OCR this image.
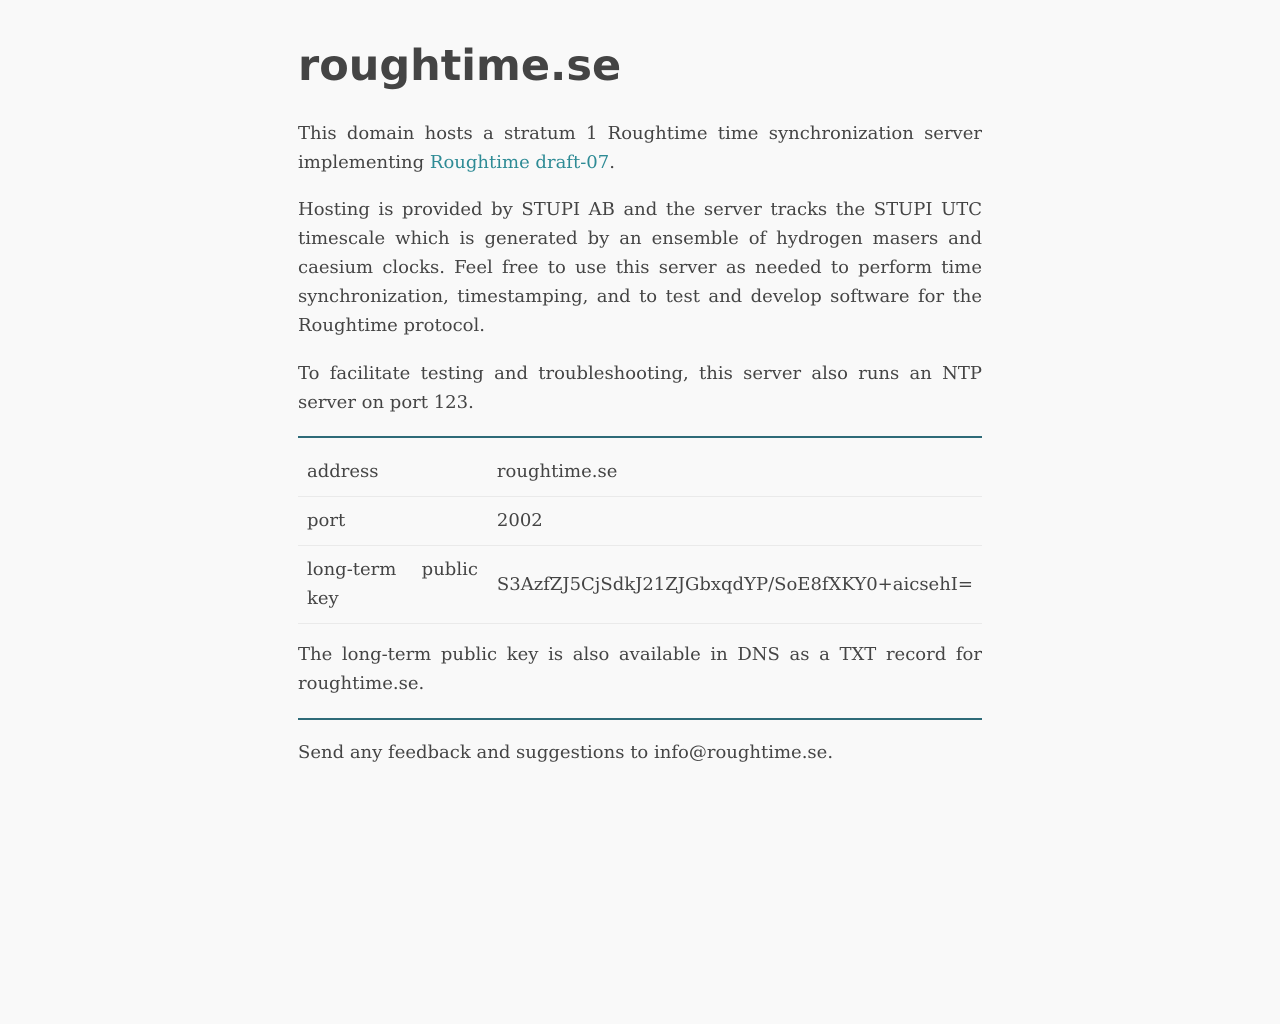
roughtime.se

This domain hosts a stratum 1 Roughtime time synchronization server implementing Roughtime draft-07.

Hosting is provided by STUPI AB and the server tracks the STUPI UTC timescale which is generated by an ensemble of hydrogen masers and caesium clocks. Feel free to use this server as needed to perform time synchronization, timestamping, and to test and develop software for the Roughtime protocol.

To facilitate testing and troubleshooting, this server also runs an NTP server on port 123.

address	roughtime.se
port	2002
long-term public key	S3AzfZJ5CjSdkJ21ZJGbxqdYP/SoE8fXKY0+aicsehI=

The long-term public key is also available in DNS as a TXT record for roughtime.se.

Send any feedback and suggestions to info@roughtime.se.
